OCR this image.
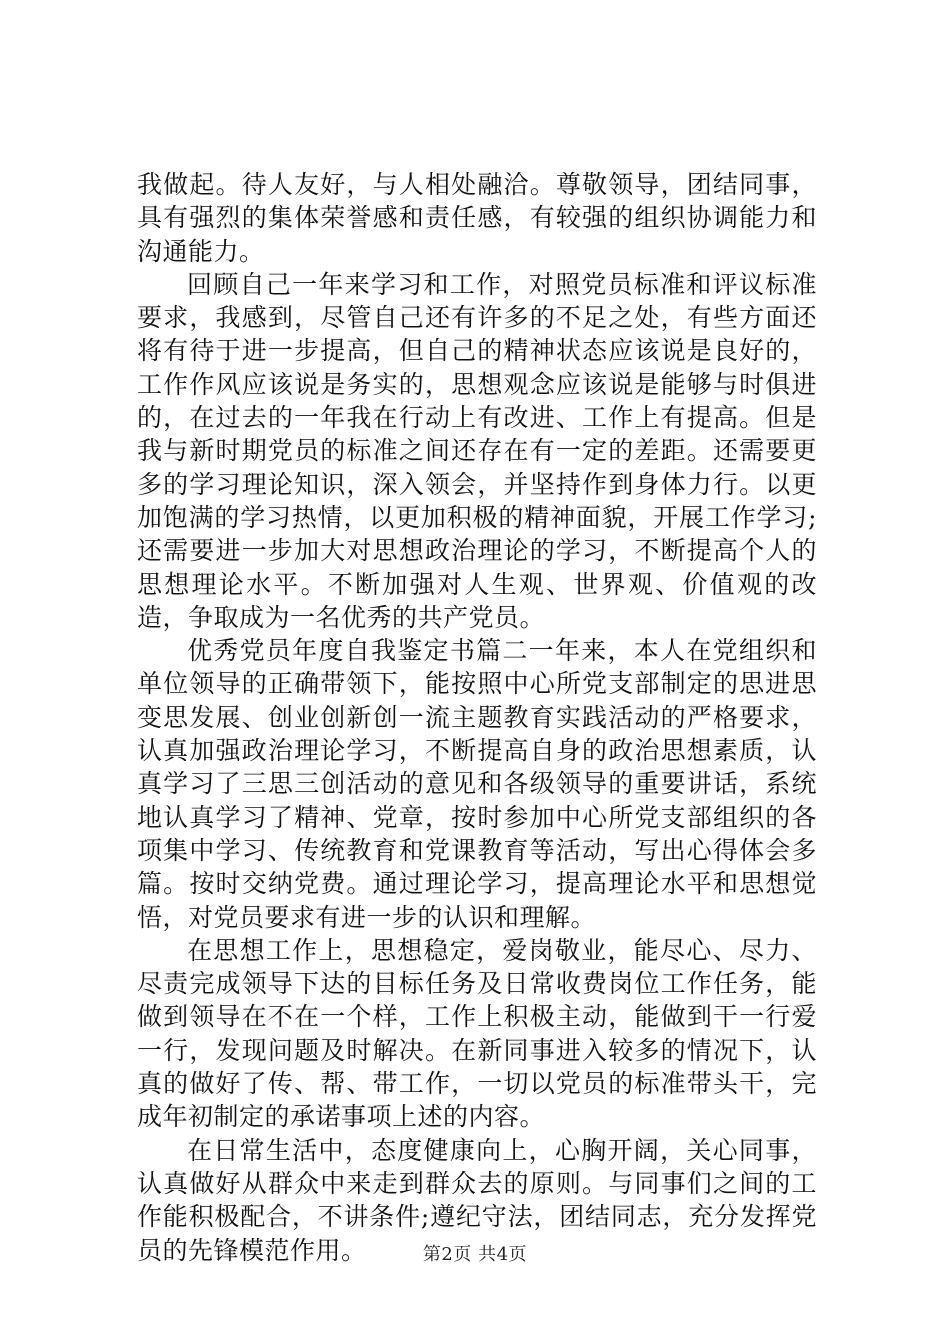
我做起。待人友好，与人相处融洽。尊敬领导，团结同事，具有强烈的集体荣誉感和责任感，有较强的组织协调能力和沟通能力。

回顾自己一年来学习和工作，对照党员标准和评议标准要求，我感到，尽管自己还有许多的不足之处，有些方面还将有待于进一步提高，但自己的精神状态应该说是良好的，工作作风应该说是务实的，思想观念应该说是能够与时俱进的，在过去的一年我在行动上有改进、工作上有提高。但是我与新时期党员的标准之间还存在有一定的差距。还需要更多的学习理论知识，深入领会，并坚持作到身体力行。以更加饱满的学习热情，以更加积极的精神面貌，开展工作学习;还需要进一步加大对思想政治理论的学习，不断提高个人的思想理论水平。不断加强对人生观、世界观、价值观的改造，争取成为一名优秀的共产党员。

优秀党员年度自我鉴定书篇二一年来，本人在党组织和单位领导的正确带领下，能按照中心所党支部制定的思进思变思发展、创业创新创一流主题教育实践活动的严格要求，认真加强政治理论学习，不断提高自身的政治思想素质，认真学习了三思三创活动的意见和各级领导的重要讲话，系统地认真学习了精神、党章，按时参加中心所党支部组织的各项集中学习、传统教育和党课教育等活动，写出心得体会多篇。按时交纳党费。通过理论学习，提高理论水平和思想觉悟，对党员要求有进一步的认识和理解。

在思想工作上，思想稳定，爱岗敬业，能尽心、尽力、尽责完成领导下达的目标任务及日常收费岗位工作任务，能做到领导在不在一个样，工作上积极主动，能做到干一行爱一行，发现问题及时解决。在新同事进入较多的情况下，认真的做好了传、帮、带工作，一切以党员的标准带头干，完成年初制定的承诺事项上述的内容。

在日常生活中，态度健康向上，心胸开阔，关心同事，认真做好从群众中来走到群众去的原则。与同事们之间的工作能积极配合，不讲条件;遵纪守法，团结同志，充分发挥党员的先锋模范作用。	第2页 共4页
